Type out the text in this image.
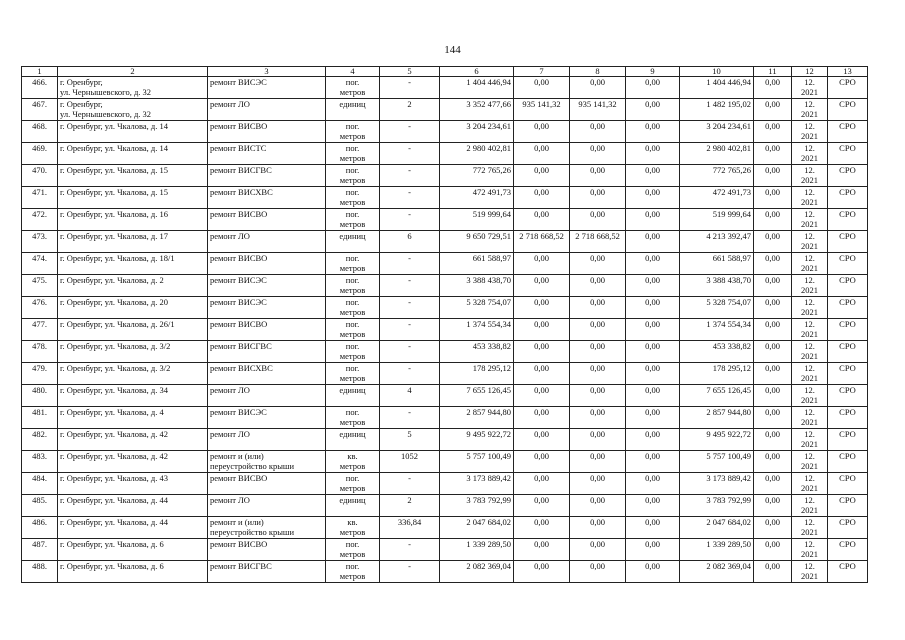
144
1	2	3	4	5	6	7	8	9	10	11	12	13

466.	г. Оренбург,
ул. Чернышевского, д. 32	ремонт ВИСЭС	пог.
метров	-	1 404 446,94	0,00	0,00	0,00	1 404 446,94	0,00	12.
2021	СРО

467.	г. Оренбург,
ул. Чернышевского, д. 32	ремонт ЛО	единиц	2	3 352 477,66	935 141,32	935 141,32	0,00	1 482 195,02	0,00	12.
2021	СРО

468.	г. Оренбург, ул. Чкалова, д. 14	ремонт ВИСВО	пог.
метров	-	3 204 234,61	0,00	0,00	0,00	3 204 234,61	0,00	12.
2021	СРО

469.	г. Оренбург, ул. Чкалова, д. 14	ремонт ВИСТС	пог.
метров	-	2 980 402,81	0,00	0,00	0,00	2 980 402,81	0,00	12.
2021	СРО

470.	г. Оренбург, ул. Чкалова, д. 15	ремонт ВИСГВС	пог.
метров	-	772 765,26	0,00	0,00	0,00	772 765,26	0,00	12.
2021	СРО

471.	г. Оренбург, ул. Чкалова, д. 15	ремонт ВИСХВС	пог.
метров	-	472 491,73	0,00	0,00	0,00	472 491,73	0,00	12.
2021	СРО

472.	г. Оренбург, ул. Чкалова, д. 16	ремонт ВИСВО	пог.
метров	-	519 999,64	0,00	0,00	0,00	519 999,64	0,00	12.
2021	СРО

473.	г. Оренбург, ул. Чкалова, д. 17	ремонт ЛО	единиц	6	9 650 729,51	2 718 668,52	2 718 668,52	0,00	4 213 392,47	0,00	12.
2021	СРО

474.	г. Оренбург, ул. Чкалова, д. 18/1	ремонт ВИСВО	пог.
метров	-	661 588,97	0,00	0,00	0,00	661 588,97	0,00	12.
2021	СРО

475.	г. Оренбург, ул. Чкалова, д. 2	ремонт ВИСЭС	пог.
метров	-	3 388 438,70	0,00	0,00	0,00	3 388 438,70	0,00	12.
2021	СРО

476.	г. Оренбург, ул. Чкалова, д. 20	ремонт ВИСЭС	пог.
метров	-	5 328 754,07	0,00	0,00	0,00	5 328 754,07	0,00	12.
2021	СРО

477.	г. Оренбург, ул. Чкалова, д. 26/1	ремонт ВИСВО	пог.
метров	-	1 374 554,34	0,00	0,00	0,00	1 374 554,34	0,00	12.
2021	СРО

478.	г. Оренбург, ул. Чкалова, д. 3/2	ремонт ВИСГВС	пог.
метров	-	453 338,82	0,00	0,00	0,00	453 338,82	0,00	12.
2021	СРО

479.	г. Оренбург, ул. Чкалова, д. 3/2	ремонт ВИСХВС	пог.
метров	-	178 295,12	0,00	0,00	0,00	178 295,12	0,00	12.
2021	СРО

480.	г. Оренбург, ул. Чкалова, д. 34	ремонт ЛО	единиц	4	7 655 126,45	0,00	0,00	0,00	7 655 126,45	0,00	12.
2021	СРО

481.	г. Оренбург, ул. Чкалова, д. 4	ремонт ВИСЭС	пог.
метров	-	2 857 944,80	0,00	0,00	0,00	2 857 944,80	0,00	12.
2021	СРО

482.	г. Оренбург, ул. Чкалова, д. 42	ремонт ЛО	единиц	5	9 495 922,72	0,00	0,00	0,00	9 495 922,72	0,00	12.
2021	СРО

483.	г. Оренбург, ул. Чкалова, д. 42	ремонт и (или)
переустройство крыши	кв.
метров	1052	5 757 100,49	0,00	0,00	0,00	5 757 100,49	0,00	12.
2021	СРО

484.	г. Оренбург, ул. Чкалова, д. 43	ремонт ВИСВО	пог.
метров	-	3 173 889,42	0,00	0,00	0,00	3 173 889,42	0,00	12.
2021	СРО

485.	г. Оренбург, ул. Чкалова, д. 44	ремонт ЛО	единиц	2	3 783 792,99	0,00	0,00	0,00	3 783 792,99	0,00	12.
2021	СРО

486.	г. Оренбург, ул. Чкалова, д. 44	ремонт и (или)
переустройство крыши	кв.
метров	336,84	2 047 684,02	0,00	0,00	0,00	2 047 684,02	0,00	12.
2021	СРО

487.	г. Оренбург, ул. Чкалова, д. 6	ремонт ВИСВО	пог.
метров	-	1 339 289,50	0,00	0,00	0,00	1 339 289,50	0,00	12.
2021	СРО

488.	г. Оренбург, ул. Чкалова, д. 6	ремонт ВИСГВС	пог.
метров	-	2 082 369,04	0,00	0,00	0,00	2 082 369,04	0,00	12.
2021	СРО
